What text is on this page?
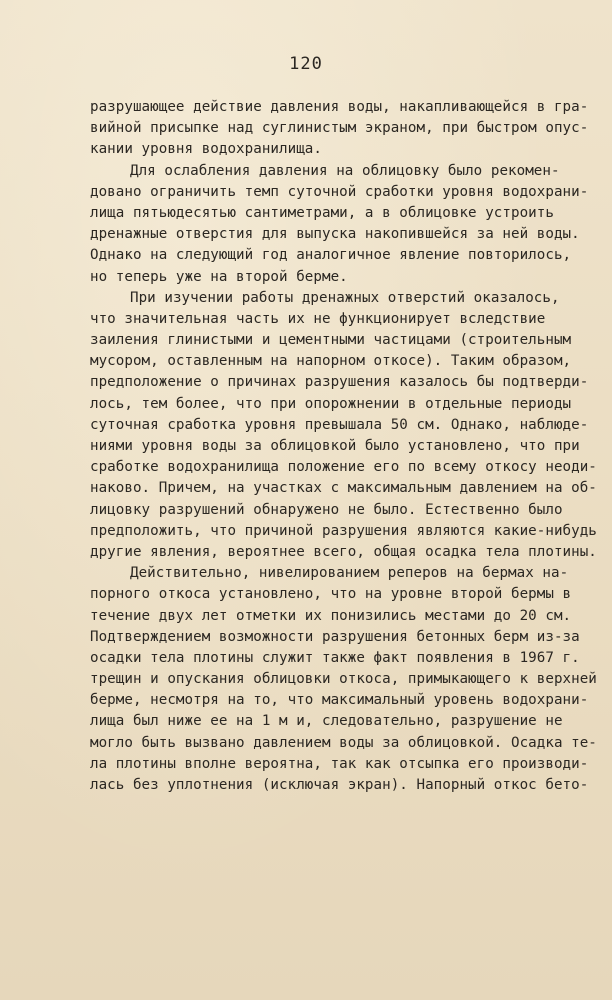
120
разрушающее действие давления воды, накапливающейся в гра-
вийной присыпке над суглинистым экраном, при быстром опус-
кании уровня водохранилища.
Для ослабления давления на облицовку было рекомен-
довано ограничить темп суточной сработки уровня водохрани-
лища пятьюдесятью сантиметрами, а в облицовке устроить
дренажные отверстия для выпуска накопившейся за ней воды.
Однако на следующий год аналогичное явление повторилось,
но теперь уже на второй берме.
При изучении работы дренажных отверстий оказалось,
что значительная часть их не функционирует вследствие
заиления глинистыми и цементными частицами (строительным
мусором, оставленным на напорном откосе). Таким образом,
предположение о причинах разрушения казалось бы подтверди-
лось, тем более, что при опорожнении в отдельные периоды
суточная сработка уровня превышала 50 см. Однако, наблюде-
ниями уровня воды за облицовкой было установлено, что при
сработке водохранилища положение его по всему откосу неоди-
наково. Причем, на участках с максимальным давлением на об-
лицовку разрушений обнаружено не было. Естественно было
предположить, что причиной разрушения являются какие-нибудь
другие явления, вероятнее всего, общая осадка тела плотины.
Действительно, нивелированием реперов на бермах на-
порного откоса установлено, что на уровне второй бермы в
течение двух лет отметки их понизились местами до 20 см.
Подтверждением возможности разрушения бетонных берм из-за
осадки тела плотины служит также факт появления в 1967 г.
трещин и опускания облицовки откоса, примыкающего к верхней
берме, несмотря на то, что максимальный уровень водохрани-
лища был ниже ее на 1 м и, следовательно, разрушение не
могло быть вызвано давлением воды за облицовкой. Осадка те-
ла плотины вполне вероятна, так как отсыпка его производи-
лась без уплотнения (исключая экран). Напорный откос бето-
